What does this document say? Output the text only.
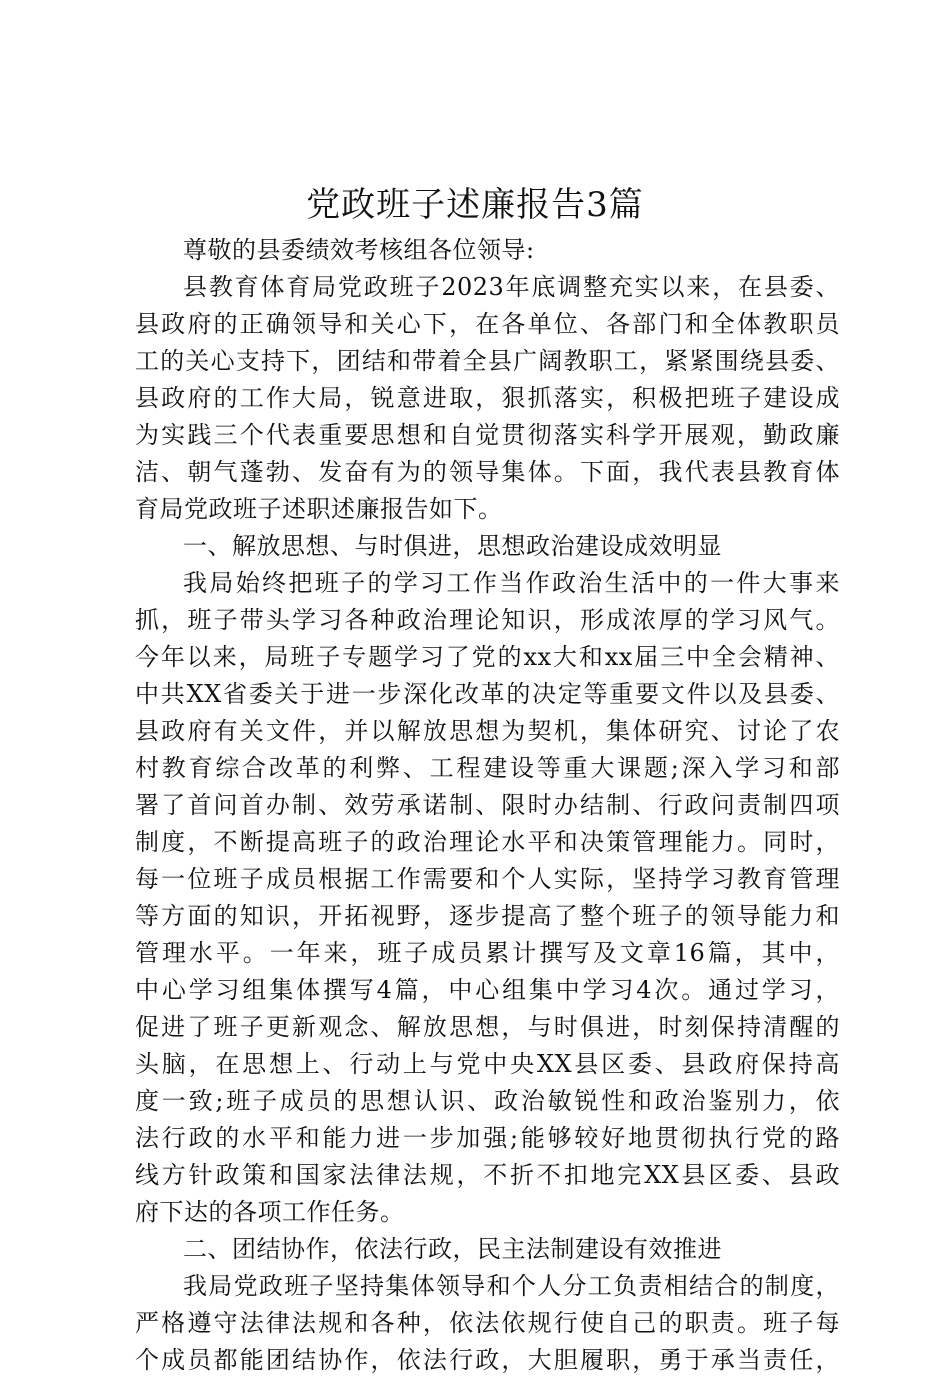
党政班子述廉报告3篇
尊敬的县委绩效考核组各位领导:
县教育体育局党政班子2023年底调整充实以来，在县委、
县政府的正确领导和关心下，在各单位、各部门和全体教职员
工的关心支持下，团结和带着全县广阔教职工，紧紧围绕县委、
县政府的工作大局，锐意进取，狠抓落实，积极把班子建设成
为实践三个代表重要思想和自觉贯彻落实科学开展观，勤政廉
洁、朝气蓬勃、发奋有为的领导集体。下面，我代表县教育体
育局党政班子述职述廉报告如下。
一、解放思想、与时俱进，思想政治建设成效明显
我局始终把班子的学习工作当作政治生活中的一件大事来
抓，班子带头学习各种政治理论知识，形成浓厚的学习风气。
今年以来，局班子专题学习了党的xx大和xx届三中全会精神、
中共XX省委关于进一步深化改革的决定等重要文件以及县委、
县政府有关文件，并以解放思想为契机，集体研究、讨论了农
村教育综合改革的利弊、工程建设等重大课题;深入学习和部
署了首问首办制、效劳承诺制、限时办结制、行政问责制四项
制度，不断提高班子的政治理论水平和决策管理能力。同时，
每一位班子成员根据工作需要和个人实际，坚持学习教育管理
等方面的知识，开拓视野，逐步提高了整个班子的领导能力和
管理水平。一年来，班子成员累计撰写及文章16篇，其中，
中心学习组集体撰写4篇，中心组集中学习4次。通过学习，
促进了班子更新观念、解放思想，与时俱进，时刻保持清醒的
头脑，在思想上、行动上与党中央XX县区委、县政府保持高
度一致;班子成员的思想认识、政治敏锐性和政治鉴别力，依
法行政的水平和能力进一步加强;能够较好地贯彻执行党的路
线方针政策和国家法律法规，不折不扣地完XX县区委、县政
府下达的各项工作任务。
二、团结协作，依法行政，民主法制建设有效推进
我局党政班子坚持集体领导和个人分工负责相结合的制度，
严格遵守法律法规和各种，依法依规行使自己的职责。班子每
个成员都能团结协作，依法行政，大胆履职，勇于承当责任，
